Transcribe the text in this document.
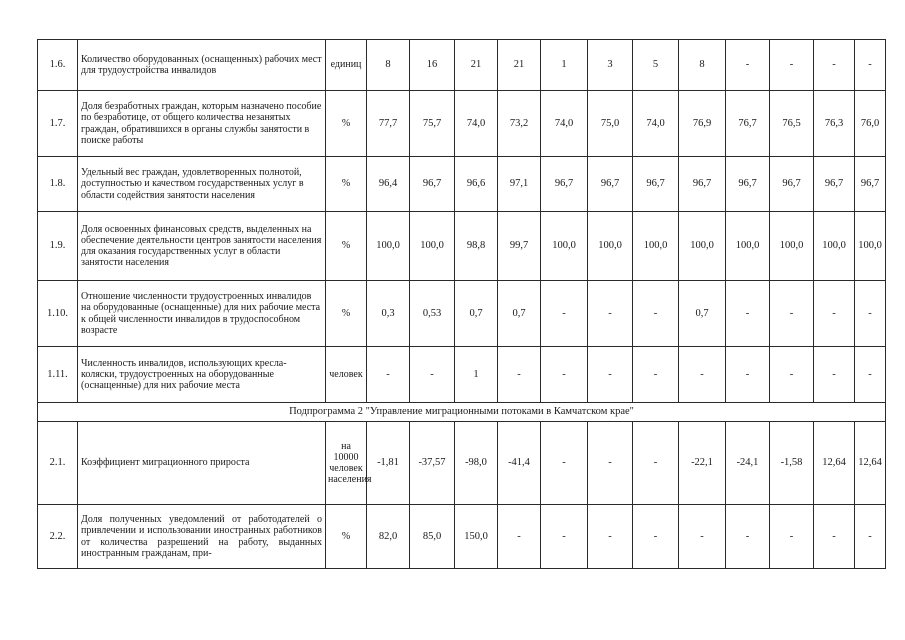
1.6.	Количество оборудованных (оснащенных) рабочих мест для трудоустройства инвалидов	единиц	8	16	21	21	1	3	5	8	-	-	-	-
1.7.	Доля безработных граждан, которым назначено пособие по безработице, от общего количества незанятых граждан, обратившихся в органы службы занятости в поиске работы	%	77,7	75,7	74,0	73,2	74,0	75,0	74,0	76,9	76,7	76,5	76,3	76,0
1.8.	Удельный вес граждан, удовлетворенных полнотой, доступностью и качеством государственных услуг в области содействия занятости населения	%	96,4	96,7	96,6	97,1	96,7	96,7	96,7	96,7	96,7	96,7	96,7	96,7
1.9.	Доля освоенных финансовых средств, выделенных на обеспечение деятельности центров занятости населения для оказания государственных услуг в области занятости населения	%	100,0	100,0	98,8	99,7	100,0	100,0	100,0	100,0	100,0	100,0	100,0	100,0
1.10.	Отношение численности трудоустроенных инвалидов на оборудованные (оснащенные) для них рабочие места к общей численности инвалидов в трудоспособном возрасте	%	0,3	0,53	0,7	0,7	-	-	-	0,7	-	-	-	-
1.11.	Численность инвалидов, использующих кресла-коляски, трудоустроенных на оборудованные (оснащенные) для них рабочие места	человек	-	-	1	-	-	-	-	-	-	-	-	-
Подпрограмма 2 "Управление миграционными потоками в Камчатском крае"														
2.1.	Коэффициент миграционного прироста	на 10000 человек населения	-1,81	-37,57	-98,0	-41,4	-	-	-	-22,1	-24,1	-1,58	12,64	12,64
2.2.	Доля полученных уведомлений от работодателей о привлечении и использовании иностранных работников от количества разрешений на работу, выданных иностранным гражданам, при-	%	82,0	85,0	150,0	-	-	-	-	-	-	-	-	-
